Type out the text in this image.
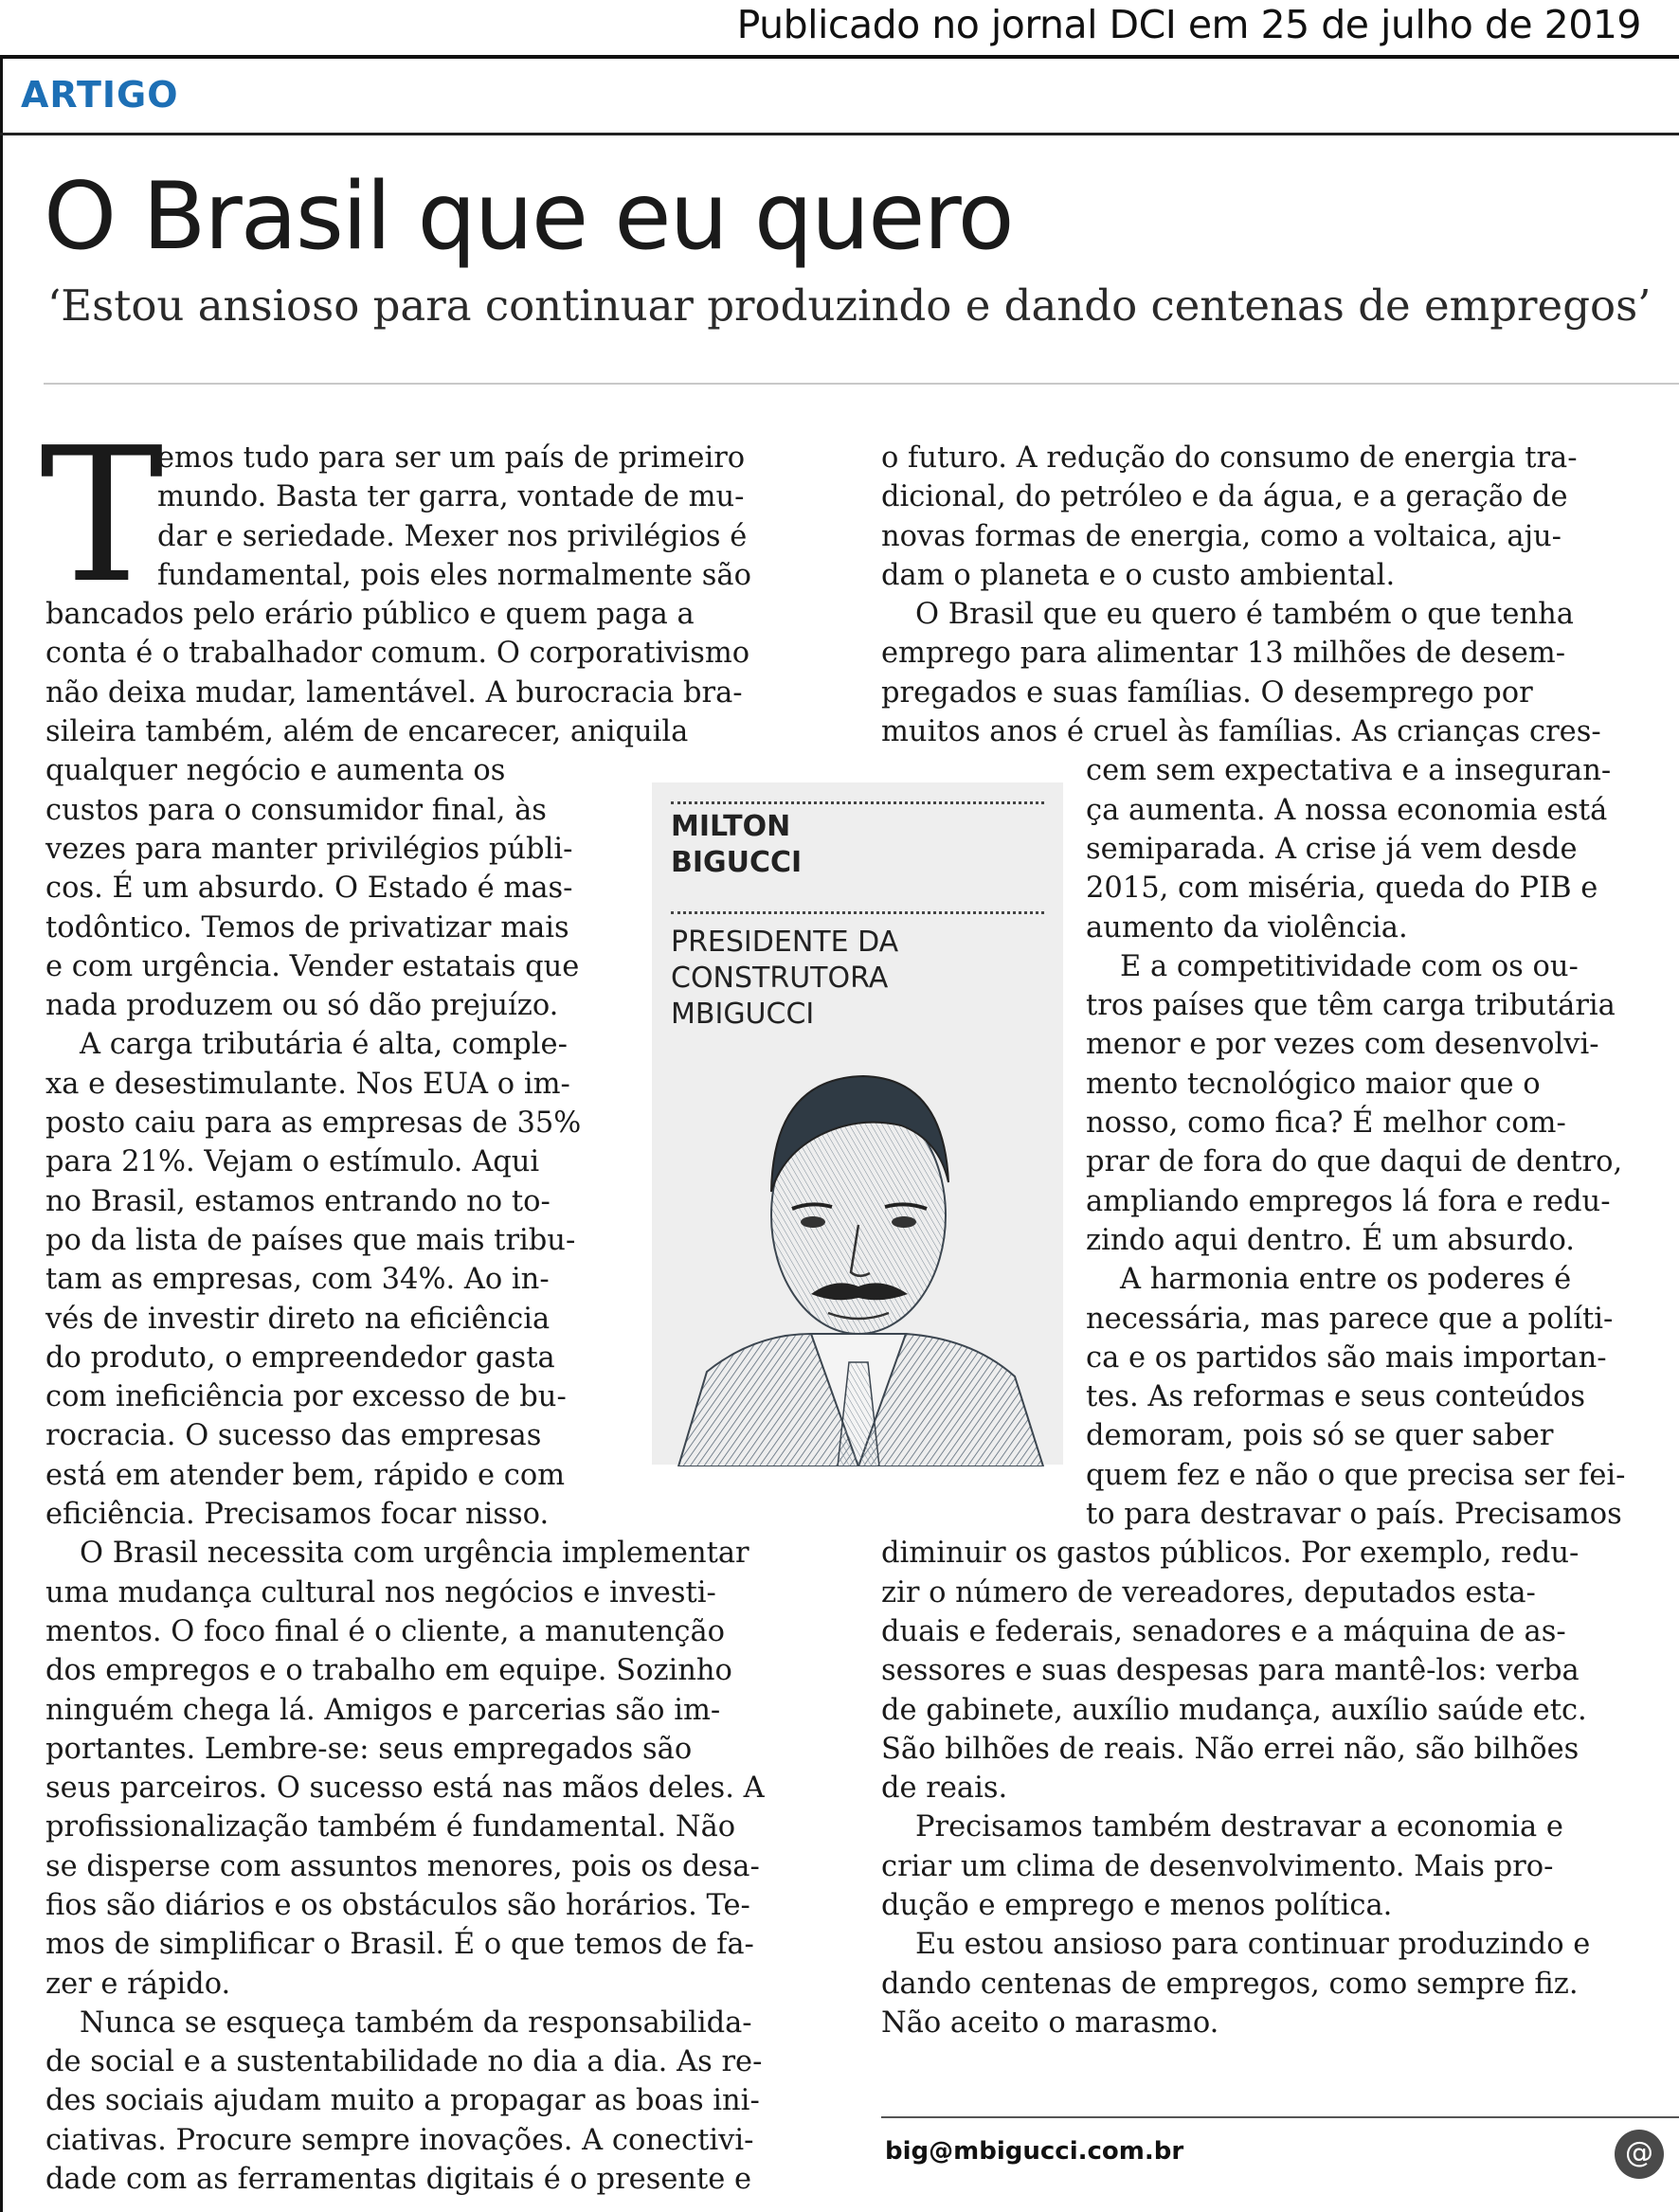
Publicado no jornal DCI em 25 de julho de 2019
ARTIGO
O Brasil que eu quero
‘Estou ansioso para continuar produzindo e dando centenas de empregos’
T
emos tudo para ser um país de primeiro
mundo. Basta ter garra, vontade de mu-
dar e seriedade. Mexer nos privilégios é
fundamental, pois eles normalmente são
bancados pelo erário público e quem paga a
conta é o trabalhador comum. O corporativismo
não deixa mudar, lamentável. A burocracia bra-
sileira também, além de encarecer, aniquila
qualquer negócio e aumenta os
custos para o consumidor final, às
vezes para manter privilégios públi-
cos. É um absurdo. O Estado é mas-
todôntico. Temos de privatizar mais
e com urgência. Vender estatais que
nada produzem ou só dão prejuízo.
A carga tributária é alta, comple-
xa e desestimulante. Nos EUA o im-
posto caiu para as empresas de 35%
para 21%. Vejam o estímulo. Aqui
no Brasil, estamos entrando no to-
po da lista de países que mais tribu-
tam as empresas, com 34%. Ao in-
vés de investir direto na eficiência
do produto, o empreendedor gasta
com ineficiência por excesso de bu-
rocracia. O sucesso das empresas
está em atender bem, rápido e com
eficiência. Precisamos focar nisso.
O Brasil necessita com urgência implementar
uma mudança cultural nos negócios e investi-
mentos. O foco final é o cliente, a manutenção
dos empregos e o trabalho em equipe. Sozinho
ninguém chega lá. Amigos e parcerias são im-
portantes. Lembre-se: seus empregados são
seus parceiros. O sucesso está nas mãos deles. A
profissionalização também é fundamental. Não
se disperse com assuntos menores, pois os desa-
fios são diários e os obstáculos são horários. Te-
mos de simplificar o Brasil. É o que temos de fa-
zer e rápido.
Nunca se esqueça também da responsabilida-
de social e a sustentabilidade no dia a dia. As re-
des sociais ajudam muito a propagar as boas ini-
ciativas. Procure sempre inovações. A conectivi-
dade com as ferramentas digitais é o presente e
o futuro. A redução do consumo de energia tra-
dicional, do petróleo e da água, e a geração de
novas formas de energia, como a voltaica, aju-
dam o planeta e o custo ambiental.
O Brasil que eu quero é também o que tenha
emprego para alimentar 13 milhões de desem-
pregados e suas famílias. O desemprego por
muitos anos é cruel às famílias. As crianças cres-
cem sem expectativa e a inseguran-
ça aumenta. A nossa economia está
semiparada. A crise já vem desde
2015, com miséria, queda do PIB e
aumento da violência.
E a competitividade com os ou-
tros países que têm carga tributária
menor e por vezes com desenvolvi-
mento tecnológico maior que o
nosso, como fica? É melhor com-
prar de fora do que daqui de dentro,
ampliando empregos lá fora e redu-
zindo aqui dentro. É um absurdo.
A harmonia entre os poderes é
necessária, mas parece que a políti-
ca e os partidos são mais importan-
tes. As reformas e seus conteúdos
demoram, pois só se quer saber
quem fez e não o que precisa ser fei-
to para destravar o país. Precisamos
diminuir os gastos públicos. Por exemplo, redu-
zir o número de vereadores, deputados esta-
duais e federais, senadores e a máquina de as-
sessores e suas despesas para mantê-los: verba
de gabinete, auxílio mudança, auxílio saúde etc.
São bilhões de reais. Não errei não, são bilhões
de reais.
Precisamos também destravar a economia e
criar um clima de desenvolvimento. Mais pro-
dução e emprego e menos política.
Eu estou ansioso para continuar produzindo e
dando centenas de empregos, como sempre fiz.
Não aceito o marasmo.
MILTON
BIGUCCI
PRESIDENTE DA
CONSTRUTORA
MBIGUCCI
big@mbigucci.com.br	@
